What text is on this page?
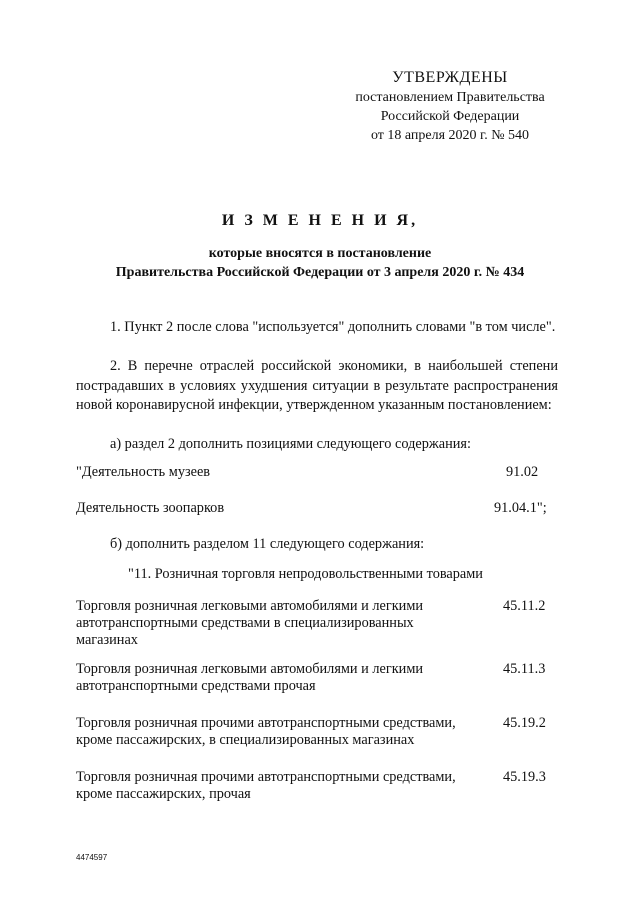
УТВЕРЖДЕНЫ
постановлением Правительства
Российской Федерации
от 18 апреля 2020 г. № 540
И З М Е Н Е Н И Я,
которые вносятся в постановление
Правительства Российской Федерации от 3 апреля 2020 г. № 434
1. Пункт 2 после слова "используется" дополнить словами "в том числе".
2. В перечне отраслей российской экономики, в наибольшей степени пострадавших в условиях ухудшения ситуации в результате распространения новой коронавирусной инфекции, утвержденном указанным постановлением:
а) раздел 2 дополнить позициями следующего содержания:
"Деятельность музеев	91.02
Деятельность зоопарков	91.04.1";
б) дополнить разделом 11 следующего содержания:
"11. Розничная торговля непродовольственными товарами
Торговля розничная легковыми автомобилями и легкими
автотранспортными средствами в специализированных
магазинах
45.11.2
Торговля розничная легковыми автомобилями и легкими
автотранспортными средствами прочая
45.11.3
Торговля розничная прочими автотранспортными средствами,
кроме пассажирских, в специализированных магазинах
45.19.2
Торговля розничная прочими автотранспортными средствами,
кроме пассажирских, прочая
45.19.3
4474597
